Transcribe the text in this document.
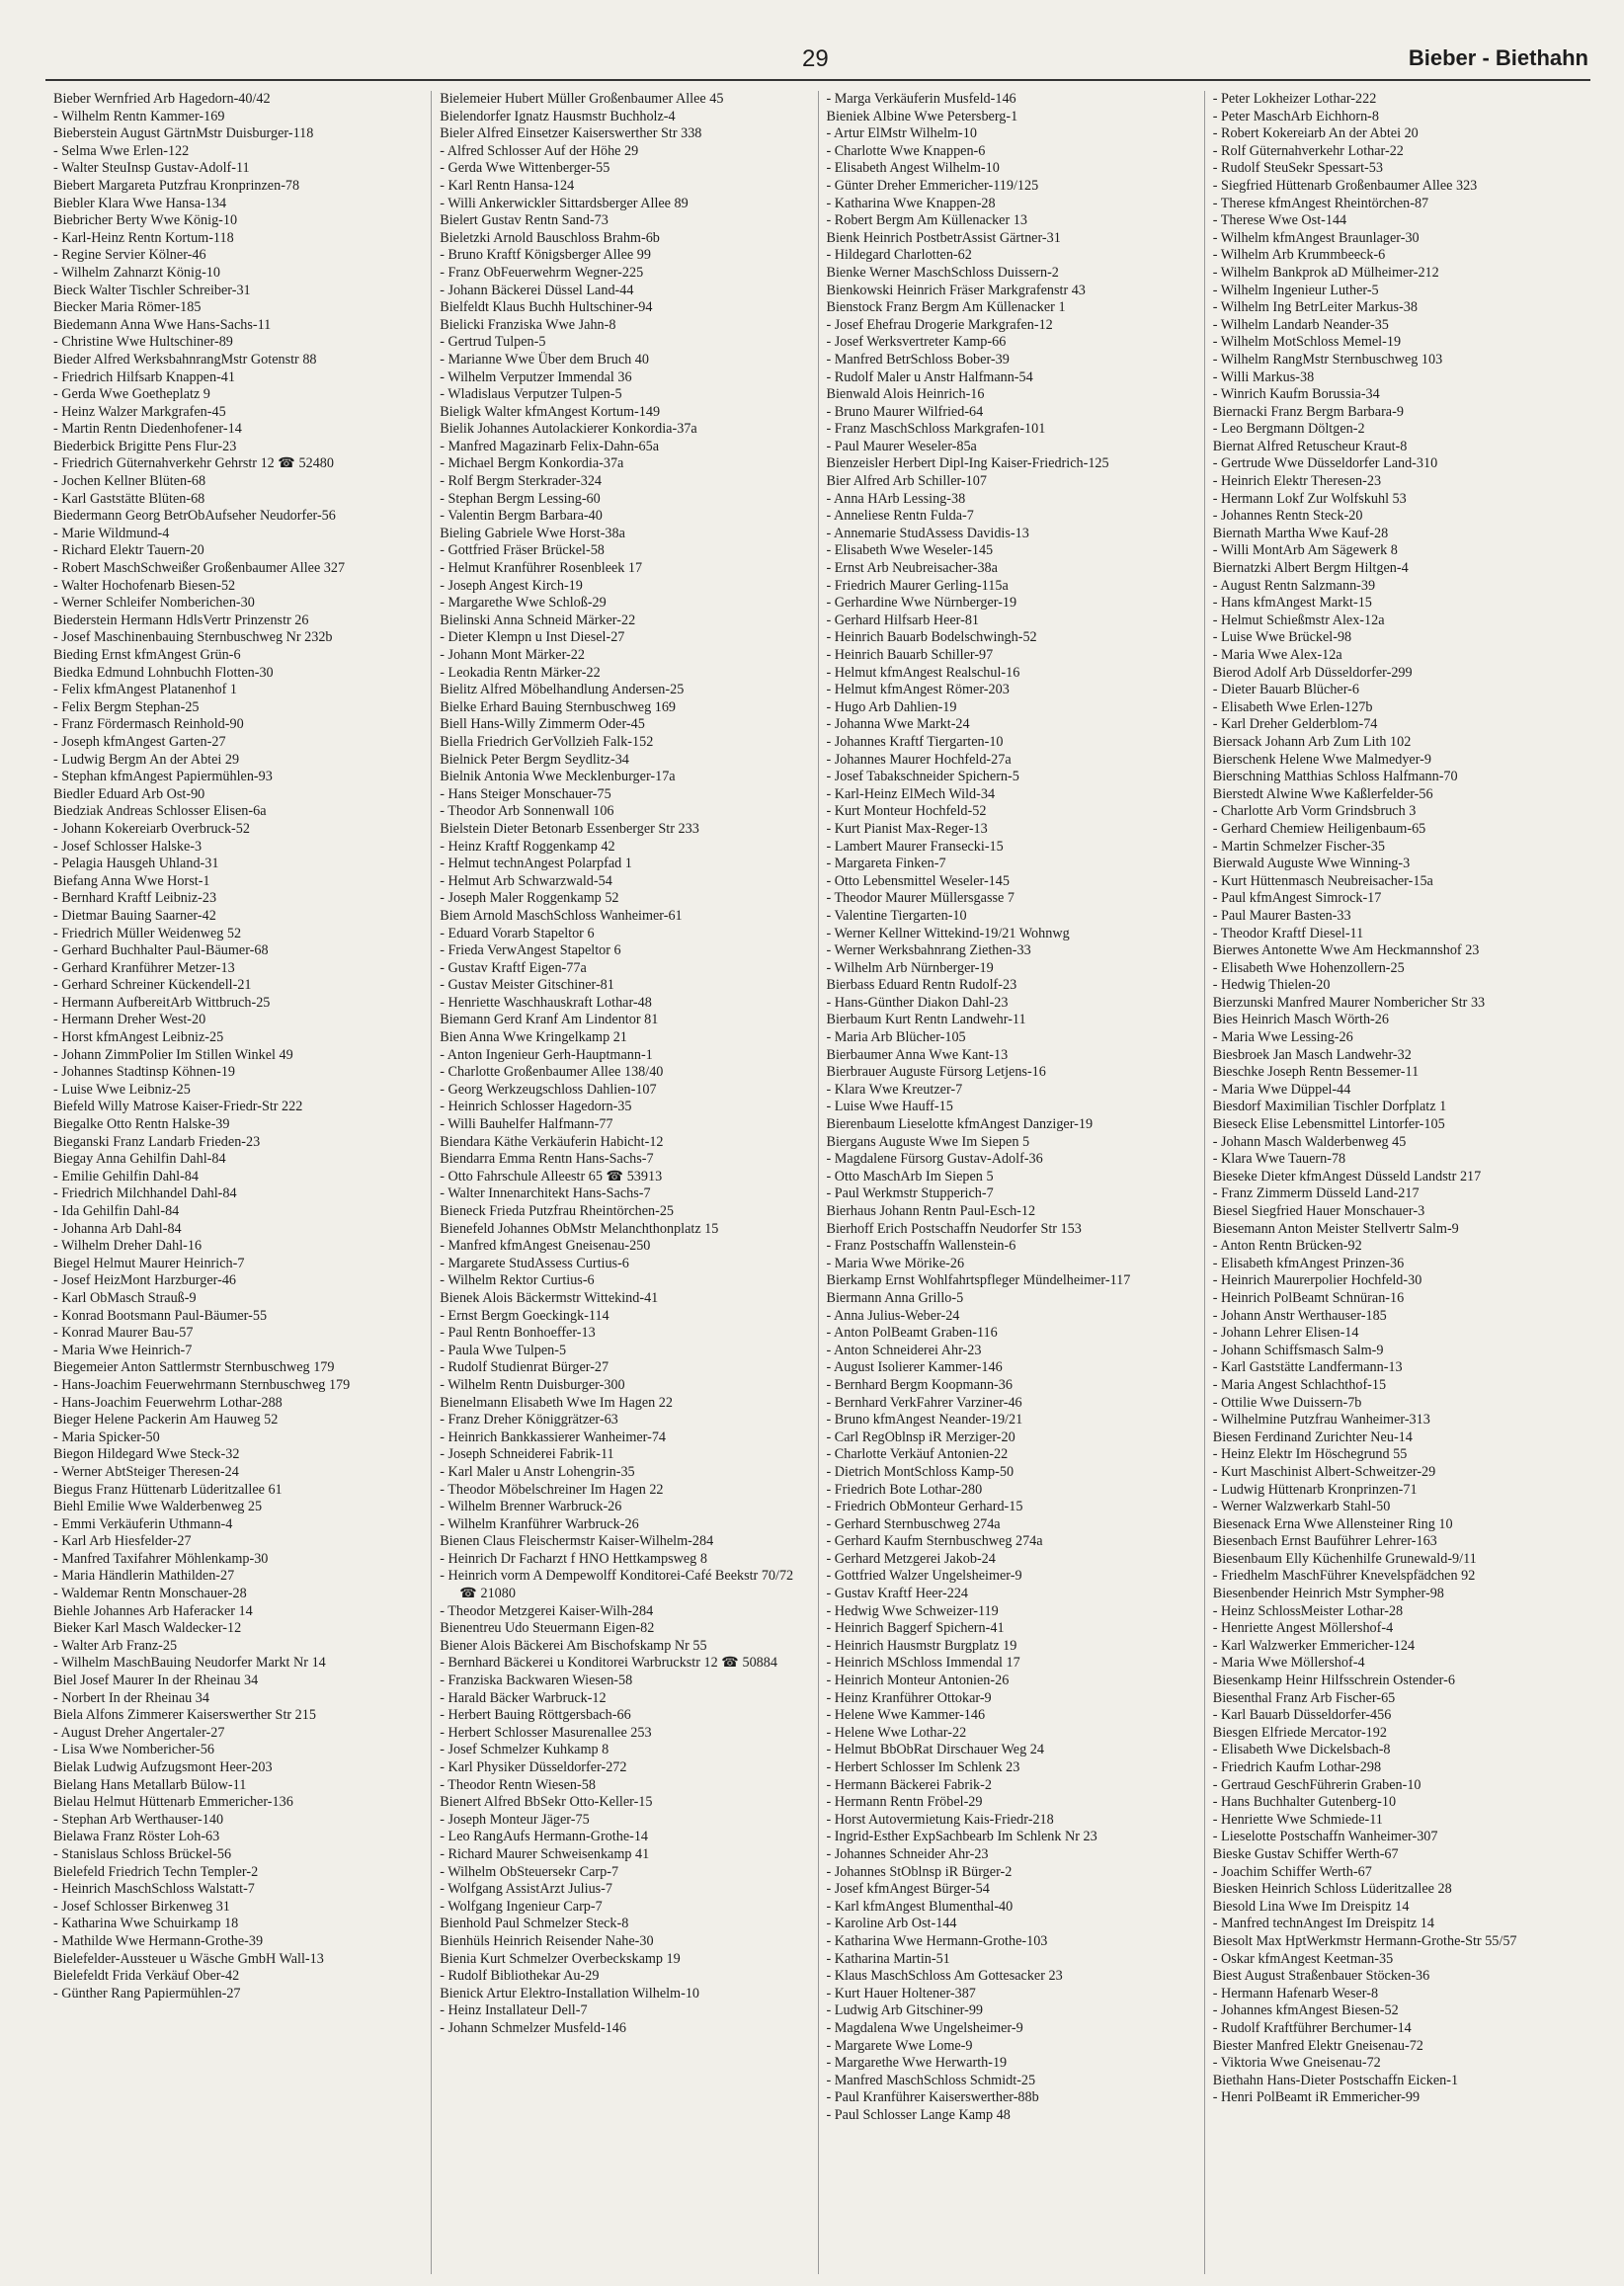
29	Bieber - Biethahn

Bieber Wernfried Arb Hagedorn-40/42

- Wilhelm Rentn Kammer-169

Bieberstein August GärtnMstr Duisburger-118

- Selma Wwe Erlen-122

- Walter SteuInsp Gustav-Adolf-11

Biebert Margareta Putzfrau Kronprinzen-78

Biebler Klara Wwe Hansa-134

Biebricher Berty Wwe König-10

- Karl-Heinz Rentn Kortum-118

- Regine Servier Kölner-46

- Wilhelm Zahnarzt König-10

Bieck Walter Tischler Schreiber-31

Biecker Maria Römer-185

Biedemann Anna Wwe Hans-Sachs-11

- Christine Wwe Hultschiner-89

Bieder Alfred WerksbahnrangMstr Gotenstr 88

- Friedrich Hilfsarb Knappen-41

- Gerda Wwe Goetheplatz 9

- Heinz Walzer Markgrafen-45

- Martin Rentn Diedenhofener-14

Biederbick Brigitte Pens Flur-23

- Friedrich Güternahverkehr Gehrstr 12 ☎ 52480

- Jochen Kellner Blüten-68

- Karl Gaststätte Blüten-68

Biedermann Georg BetrObAufseher Neudorfer-56

- Marie Wildmund-4

- Richard Elektr Tauern-20

- Robert MaschSchweißer Großenbaumer Allee 327

- Walter Hochofenarb Biesen-52

- Werner Schleifer Nomberichen-30

Biederstein Hermann HdlsVertr Prinzenstr 26

- Josef Maschinenbauing Sternbuschweg Nr 232b

Bieding Ernst kfmAngest Grün-6

Biedka Edmund Lohnbuchh Flotten-30

- Felix kfmAngest Platanenhof 1

- Felix Bergm Stephan-25

- Franz Fördermasch Reinhold-90

- Joseph kfmAngest Garten-27

- Ludwig Bergm An der Abtei 29

- Stephan kfmAngest Papiermühlen-93

Biedler Eduard Arb Ost-90

Biedziak Andreas Schlosser Elisen-6a

- Johann Kokereiarb Overbruck-52

- Josef Schlosser Halske-3

- Pelagia Hausgeh Uhland-31

Biefang Anna Wwe Horst-1

- Bernhard Kraftf Leibniz-23

- Dietmar Bauing Saarner-42

- Friedrich Müller Weidenweg 52

- Gerhard Buchhalter Paul-Bäumer-68

- Gerhard Kranführer Metzer-13

- Gerhard Schreiner Kückendell-21

- Hermann AufbereitArb Wittbruch-25

- Hermann Dreher West-20

- Horst kfmAngest Leibniz-25

- Johann ZimmPolier Im Stillen Winkel 49

- Johannes Stadtinsp Köhnen-19

- Luise Wwe Leibniz-25

Biefeld Willy Matrose Kaiser-Friedr-Str 222

Biegalke Otto Rentn Halske-39

Bieganski Franz Landarb Frieden-23

Biegay Anna Gehilfin Dahl-84

- Emilie Gehilfin Dahl-84

- Friedrich Milchhandel Dahl-84

- Ida Gehilfin Dahl-84

- Johanna Arb Dahl-84

- Wilhelm Dreher Dahl-16

Biegel Helmut Maurer Heinrich-7

- Josef HeizMont Harzburger-46

- Karl ObMasch Strauß-9

- Konrad Bootsmann Paul-Bäumer-55

- Konrad Maurer Bau-57

- Maria Wwe Heinrich-7

Biegemeier Anton Sattlermstr Sternbuschweg 179

- Hans-Joachim Feuerwehrmann Sternbuschweg 179

- Hans-Joachim Feuerwehrm Lothar-288

Bieger Helene Packerin Am Hauweg 52

- Maria Spicker-50

Biegon Hildegard Wwe Steck-32

- Werner AbtSteiger Theresen-24

Biegus Franz Hüttenarb Lüderitzallee 61

Biehl Emilie Wwe Walderbenweg 25

- Emmi Verkäuferin Uthmann-4

- Karl Arb Hiesfelder-27

- Manfred Taxifahrer Möhlenkamp-30

- Maria Händlerin Mathilden-27

- Waldemar Rentn Monschauer-28

Biehle Johannes Arb Haferacker 14

Bieker Karl Masch Waldecker-12

- Walter Arb Franz-25

- Wilhelm MaschBauing Neudorfer Markt Nr 14

Biel Josef Maurer In der Rheinau 34

- Norbert In der Rheinau 34

Biela Alfons Zimmerer Kaiserswerther Str 215

- August Dreher Angertaler-27

- Lisa Wwe Nombericher-56

Bielak Ludwig Aufzugsmont Heer-203

Bielang Hans Metallarb Bülow-11

Bielau Helmut Hüttenarb Emmericher-136

- Stephan Arb Werthauser-140

Bielawa Franz Röster Loh-63

- Stanislaus Schloss Brückel-56

Bielefeld Friedrich Techn Templer-2

- Heinrich MaschSchloss Walstatt-7

- Josef Schlosser Birkenweg 31

- Katharina Wwe Schuirkamp 18

- Mathilde Wwe Hermann-Grothe-39

Bielefelder-Aussteuer u Wäsche GmbH Wall-13

Bielefeldt Frida Verkäuf Ober-42

- Günther Rang Papiermühlen-27

Bielemeier Hubert Müller Großenbaumer Allee 45

Bielendorfer Ignatz Hausmstr Buchholz-4

Bieler Alfred Einsetzer Kaiserswerther Str 338

- Alfred Schlosser Auf der Höhe 29

- Gerda Wwe Wittenberger-55

- Karl Rentn Hansa-124

- Willi Ankerwickler Sittardsberger Allee 89

Bielert Gustav Rentn Sand-73

Bieletzki Arnold Bauschloss Brahm-6b

- Bruno Kraftf Königsberger Allee 99

- Franz ObFeuerwehrm Wegner-225

- Johann Bäckerei Düssel Land-44

Bielfeldt Klaus Buchh Hultschiner-94

Bielicki Franziska Wwe Jahn-8

- Gertrud Tulpen-5

- Marianne Wwe Über dem Bruch 40

- Wilhelm Verputzer Immendal 36

- Wladislaus Verputzer Tulpen-5

Bieligk Walter kfmAngest Kortum-149

Bielik Johannes Autolackierer Konkordia-37a

- Manfred Magazinarb Felix-Dahn-65a

- Michael Bergm Konkordia-37a

- Rolf Bergm Sterkrader-324

- Stephan Bergm Lessing-60

- Valentin Bergm Barbara-40

Bieling Gabriele Wwe Horst-38a

- Gottfried Fräser Brückel-58

- Helmut Kranführer Rosenbleek 17

- Joseph Angest Kirch-19

- Margarethe Wwe Schloß-29

Bielinski Anna Schneid Märker-22

- Dieter Klempn u Inst Diesel-27

- Johann Mont Märker-22

- Leokadia Rentn Märker-22

Bielitz Alfred Möbelhandlung Andersen-25

Bielke Erhard Bauing Sternbuschweg 169

Biell Hans-Willy Zimmerm Oder-45

Biella Friedrich GerVollzieh Falk-152

Bielnick Peter Bergm Seydlitz-34

Bielnik Antonia Wwe Mecklenburger-17a

- Hans Steiger Monschauer-75

- Theodor Arb Sonnenwall 106

Bielstein Dieter Betonarb Essenberger Str 233

- Heinz Kraftf Roggenkamp 42

- Helmut technAngest Polarpfad 1

- Helmut Arb Schwarzwald-54

- Joseph Maler Roggenkamp 52

Biem Arnold MaschSchloss Wanheimer-61

- Eduard Vorarb Stapeltor 6

- Frieda VerwAngest Stapeltor 6

- Gustav Kraftf Eigen-77a

- Gustav Meister Gitschiner-81

- Henriette Waschhauskraft Lothar-48

Biemann Gerd Kranf Am Lindentor 81

Bien Anna Wwe Kringelkamp 21

- Anton Ingenieur Gerh-Hauptmann-1

- Charlotte Großenbaumer Allee 138/40

- Georg Werkzeugschloss Dahlien-107

- Heinrich Schlosser Hagedorn-35

- Willi Bauhelfer Halfmann-77

Biendara Käthe Verkäuferin Habicht-12

Biendarra Emma Rentn Hans-Sachs-7

- Otto Fahrschule Alleestr 65 ☎ 53913

- Walter Innenarchitekt Hans-Sachs-7

Bieneck Frieda Putzfrau Rheintörchen-25

Bienefeld Johannes ObMstr Melanchthonplatz 15

- Manfred kfmAngest Gneisenau-250

- Margarete StudAssess Curtius-6

- Wilhelm Rektor Curtius-6

Bienek Alois Bäckermstr Wittekind-41

- Ernst Bergm Goeckingk-114

- Paul Rentn Bonhoeffer-13

- Paula Wwe Tulpen-5

- Rudolf Studienrat Bürger-27

- Wilhelm Rentn Duisburger-300

Bienelmann Elisabeth Wwe Im Hagen 22

- Franz Dreher Königgrätzer-63

- Heinrich Bankkassierer Wanheimer-74

- Joseph Schneiderei Fabrik-11

- Karl Maler u Anstr Lohengrin-35

- Theodor Möbelschreiner Im Hagen 22

- Wilhelm Brenner Warbruck-26

- Wilhelm Kranführer Warbruck-26

Bienen Claus Fleischermstr Kaiser-Wilhelm-284

- Heinrich Dr Facharzt f HNO Hettkampsweg 8

- Heinrich vorm A Dempewolff Konditorei-Café Beekstr 70/72 ☎ 21080

- Theodor Metzgerei Kaiser-Wilh-284

Bienentreu Udo Steuermann Eigen-82

Biener Alois Bäckerei Am Bischofskamp Nr 55

- Bernhard Bäckerei u Konditorei Warbruckstr 12 ☎ 50884

- Franziska Backwaren Wiesen-58

- Harald Bäcker Warbruck-12

- Herbert Bauing Röttgersbach-66

- Herbert Schlosser Masurenallee 253

- Josef Schmelzer Kuhkamp 8

- Karl Physiker Düsseldorfer-272

- Theodor Rentn Wiesen-58

Bienert Alfred BbSekr Otto-Keller-15

- Joseph Monteur Jäger-75

- Leo RangAufs Hermann-Grothe-14

- Richard Maurer Schweisenkamp 41

- Wilhelm ObSteuersekr Carp-7

- Wolfgang AssistArzt Julius-7

- Wolfgang Ingenieur Carp-7

Bienhold Paul Schmelzer Steck-8

Bienhüls Heinrich Reisender Nahe-30

Bienia Kurt Schmelzer Overbeckskamp 19

- Rudolf Bibliothekar Au-29

Bienick Artur Elektro-Installation Wilhelm-10

- Heinz Installateur Dell-7

- Johann Schmelzer Musfeld-146

- Marga Verkäuferin Musfeld-146

Bieniek Albine Wwe Petersberg-1

- Artur ElMstr Wilhelm-10

- Charlotte Wwe Knappen-6

- Elisabeth Angest Wilhelm-10

- Günter Dreher Emmericher-119/125

- Katharina Wwe Knappen-28

- Robert Bergm Am Küllenacker 13

Bienk Heinrich PostbetrAssist Gärtner-31

- Hildegard Charlotten-62

Bienke Werner MaschSchloss Duissern-2

Bienkowski Heinrich Fräser Markgrafenstr 43

Bienstock Franz Bergm Am Küllenacker 1

- Josef Ehefrau Drogerie Markgrafen-12

- Josef Werksvertreter Kamp-66

- Manfred BetrSchloss Bober-39

- Rudolf Maler u Anstr Halfmann-54

Bienwald Alois Heinrich-16

- Bruno Maurer Wilfried-64

- Franz MaschSchloss Markgrafen-101

- Paul Maurer Weseler-85a

Bienzeisler Herbert Dipl-Ing Kaiser-Friedrich-125

Bier Alfred Arb Schiller-107

- Anna HArb Lessing-38

- Anneliese Rentn Fulda-7

- Annemarie StudAssess Davidis-13

- Elisabeth Wwe Weseler-145

- Ernst Arb Neubreisacher-38a

- Friedrich Maurer Gerling-115a

- Gerhardine Wwe Nürnberger-19

- Gerhard Hilfsarb Heer-81

- Heinrich Bauarb Bodelschwingh-52

- Heinrich Bauarb Schiller-97

- Helmut kfmAngest Realschul-16

- Helmut kfmAngest Römer-203

- Hugo Arb Dahlien-19

- Johanna Wwe Markt-24

- Johannes Kraftf Tiergarten-10

- Johannes Maurer Hochfeld-27a

- Josef Tabakschneider Spichern-5

- Karl-Heinz ElMech Wild-34

- Kurt Monteur Hochfeld-52

- Kurt Pianist Max-Reger-13

- Lambert Maurer Fransecki-15

- Margareta Finken-7

- Otto Lebensmittel Weseler-145

- Theodor Maurer Müllersgasse 7

- Valentine Tiergarten-10

- Werner Kellner Wittekind-19/21 Wohnwg

- Werner Werksbahnrang Ziethen-33

- Wilhelm Arb Nürnberger-19

Bierbass Eduard Rentn Rudolf-23

- Hans-Günther Diakon Dahl-23

Bierbaum Kurt Rentn Landwehr-11

- Maria Arb Blücher-105

Bierbaumer Anna Wwe Kant-13

Bierbrauer Auguste Fürsorg Letjens-16

- Klara Wwe Kreutzer-7

- Luise Wwe Hauff-15

Bierenbaum Lieselotte kfmAngest Danziger-19

Biergans Auguste Wwe Im Siepen 5

- Magdalene Fürsorg Gustav-Adolf-36

- Otto MaschArb Im Siepen 5

- Paul Werkmstr Stupperich-7

Bierhaus Johann Rentn Paul-Esch-12

Bierhoff Erich Postschaffn Neudorfer Str 153

- Franz Postschaffn Wallenstein-6

- Maria Wwe Mörike-26

Bierkamp Ernst Wohlfahrtspfleger Mündelheimer-117

Biermann Anna Grillo-5

- Anna Julius-Weber-24

- Anton PolBeamt Graben-116

- Anton Schneiderei Ahr-23

- August Isolierer Kammer-146

- Bernhard Bergm Koopmann-36

- Bernhard VerkFahrer Varziner-46

- Bruno kfmAngest Neander-19/21

- Carl RegOblnsp iR Merziger-20

- Charlotte Verkäuf Antonien-22

- Dietrich MontSchloss Kamp-50

- Friedrich Bote Lothar-280

- Friedrich ObMonteur Gerhard-15

- Gerhard Sternbuschweg 274a

- Gerhard Kaufm Sternbuschweg 274a

- Gerhard Metzgerei Jakob-24

- Gottfried Walzer Ungelsheimer-9

- Gustav Kraftf Heer-224

- Hedwig Wwe Schweizer-119

- Heinrich Baggerf Spichern-41

- Heinrich Hausmstr Burgplatz 19

- Heinrich MSchloss Immendal 17

- Heinrich Monteur Antonien-26

- Heinz Kranführer Ottokar-9

- Helene Wwe Kammer-146

- Helene Wwe Lothar-22

- Helmut BbObRat Dirschauer Weg 24

- Herbert Schlosser Im Schlenk 23

- Hermann Bäckerei Fabrik-2

- Hermann Rentn Fröbel-29

- Horst Autovermietung Kais-Friedr-218

- Ingrid-Esther ExpSachbearb Im Schlenk Nr 23

- Johannes Schneider Ahr-23

- Johannes StOblnsp iR Bürger-2

- Josef kfmAngest Bürger-54

- Karl kfmAngest Blumenthal-40

- Karoline Arb Ost-144

- Katharina Wwe Hermann-Grothe-103

- Katharina Martin-51

- Klaus MaschSchloss Am Gottesacker 23

- Kurt Hauer Holtener-387

- Ludwig Arb Gitschiner-99

- Magdalena Wwe Ungelsheimer-9

- Margarete Wwe Lome-9

- Margarethe Wwe Herwarth-19

- Manfred MaschSchloss Schmidt-25

- Paul Kranführer Kaiserswerther-88b

- Paul Schlosser Lange Kamp 48

- Peter Lokheizer Lothar-222

- Peter MaschArb Eichhorn-8

- Robert Kokereiarb An der Abtei 20

- Rolf Güternahverkehr Lothar-22

- Rudolf SteuSekr Spessart-53

- Siegfried Hüttenarb Großenbaumer Allee 323

- Therese kfmAngest Rheintörchen-87

- Therese Wwe Ost-144

- Wilhelm kfmAngest Braunlager-30

- Wilhelm Arb Krummbeeck-6

- Wilhelm Bankprok aD Mülheimer-212

- Wilhelm Ingenieur Luther-5

- Wilhelm Ing BetrLeiter Markus-38

- Wilhelm Landarb Neander-35

- Wilhelm MotSchloss Memel-19

- Wilhelm RangMstr Sternbuschweg 103

- Willi Markus-38

- Winrich Kaufm Borussia-34

Biernacki Franz Bergm Barbara-9

- Leo Bergmann Döltgen-2

Biernat Alfred Retuscheur Kraut-8

- Gertrude Wwe Düsseldorfer Land-310

- Heinrich Elektr Theresen-23

- Hermann Lokf Zur Wolfskuhl 53

- Johannes Rentn Steck-20

Biernath Martha Wwe Kauf-28

- Willi MontArb Am Sägewerk 8

Biernatzki Albert Bergm Hiltgen-4

- August Rentn Salzmann-39

- Hans kfmAngest Markt-15

- Helmut Schießmstr Alex-12a

- Luise Wwe Brückel-98

- Maria Wwe Alex-12a

Bierod Adolf Arb Düsseldorfer-299

- Dieter Bauarb Blücher-6

- Elisabeth Wwe Erlen-127b

- Karl Dreher Gelderblom-74

Biersack Johann Arb Zum Lith 102

Bierschenk Helene Wwe Malmedyer-9

Bierschning Matthias Schloss Halfmann-70

Bierstedt Alwine Wwe Kaßlerfelder-56

- Charlotte Arb Vorm Grindsbruch 3

- Gerhard Chemiew Heiligenbaum-65

- Martin Schmelzer Fischer-35

Bierwald Auguste Wwe Winning-3

- Kurt Hüttenmasch Neubreisacher-15a

- Paul kfmAngest Simrock-17

- Paul Maurer Basten-33

- Theodor Kraftf Diesel-11

Bierwes Antonette Wwe Am Heckmannshof 23

- Elisabeth Wwe Hohenzollern-25

- Hedwig Thielen-20

Bierzunski Manfred Maurer Nombericher Str 33

Bies Heinrich Masch Wörth-26

- Maria Wwe Lessing-26

Biesbroek Jan Masch Landwehr-32

Bieschke Joseph Rentn Bessemer-11

- Maria Wwe Düppel-44

Biesdorf Maximilian Tischler Dorfplatz 1

Bieseck Elise Lebensmittel Lintorfer-105

- Johann Masch Walderbenweg 45

- Klara Wwe Tauern-78

Bieseke Dieter kfmAngest Düsseld Landstr 217

- Franz Zimmerm Düsseld Land-217

Biesel Siegfried Hauer Monschauer-3

Biesemann Anton Meister Stellvertr Salm-9

- Anton Rentn Brücken-92

- Elisabeth kfmAngest Prinzen-36

- Heinrich Maurerpolier Hochfeld-30

- Heinrich PolBeamt Schnüran-16

- Johann Anstr Werthauser-185

- Johann Lehrer Elisen-14

- Johann Schiffsmasch Salm-9

- Karl Gaststätte Landfermann-13

- Maria Angest Schlachthof-15

- Ottilie Wwe Duissern-7b

- Wilhelmine Putzfrau Wanheimer-313

Biesen Ferdinand Zurichter Neu-14

- Heinz Elektr Im Höschegrund 55

- Kurt Maschinist Albert-Schweitzer-29

- Ludwig Hüttenarb Kronprinzen-71

- Werner Walzwerkarb Stahl-50

Biesenack Erna Wwe Allensteiner Ring 10

Biesenbach Ernst Bauführer Lehrer-163

Biesenbaum Elly Küchenhilfe Grunewald-9/11

- Friedhelm MaschFührer Knevelspfädchen 92

Biesenbender Heinrich Mstr Sympher-98

- Heinz SchlossMeister Lothar-28

- Henriette Angest Möllershof-4

- Karl Walzwerker Emmericher-124

- Maria Wwe Möllershof-4

Biesenkamp Heinr Hilfsschrein Ostender-6

Biesenthal Franz Arb Fischer-65

- Karl Bauarb Düsseldorfer-456

Biesgen Elfriede Mercator-192

- Elisabeth Wwe Dickelsbach-8

- Friedrich Kaufm Lothar-298

- Gertraud GeschFührerin Graben-10

- Hans Buchhalter Gutenberg-10

- Henriette Wwe Schmiede-11

- Lieselotte Postschaffn Wanheimer-307

Bieske Gustav Schiffer Werth-67

- Joachim Schiffer Werth-67

Biesken Heinrich Schloss Lüderitzallee 28

Biesold Lina Wwe Im Dreispitz 14

- Manfred technAngest Im Dreispitz 14

Biesolt Max HptWerkmstr Hermann-Grothe-Str 55/57

- Oskar kfmAngest Keetman-35

Biest August Straßenbauer Stöcken-36

- Hermann Hafenarb Weser-8

- Johannes kfmAngest Biesen-52

- Rudolf Kraftführer Berchumer-14

Biester Manfred Elektr Gneisenau-72

- Viktoria Wwe Gneisenau-72

Biethahn Hans-Dieter Postschaffn Eicken-1

- Henri PolBeamt iR Emmericher-99
